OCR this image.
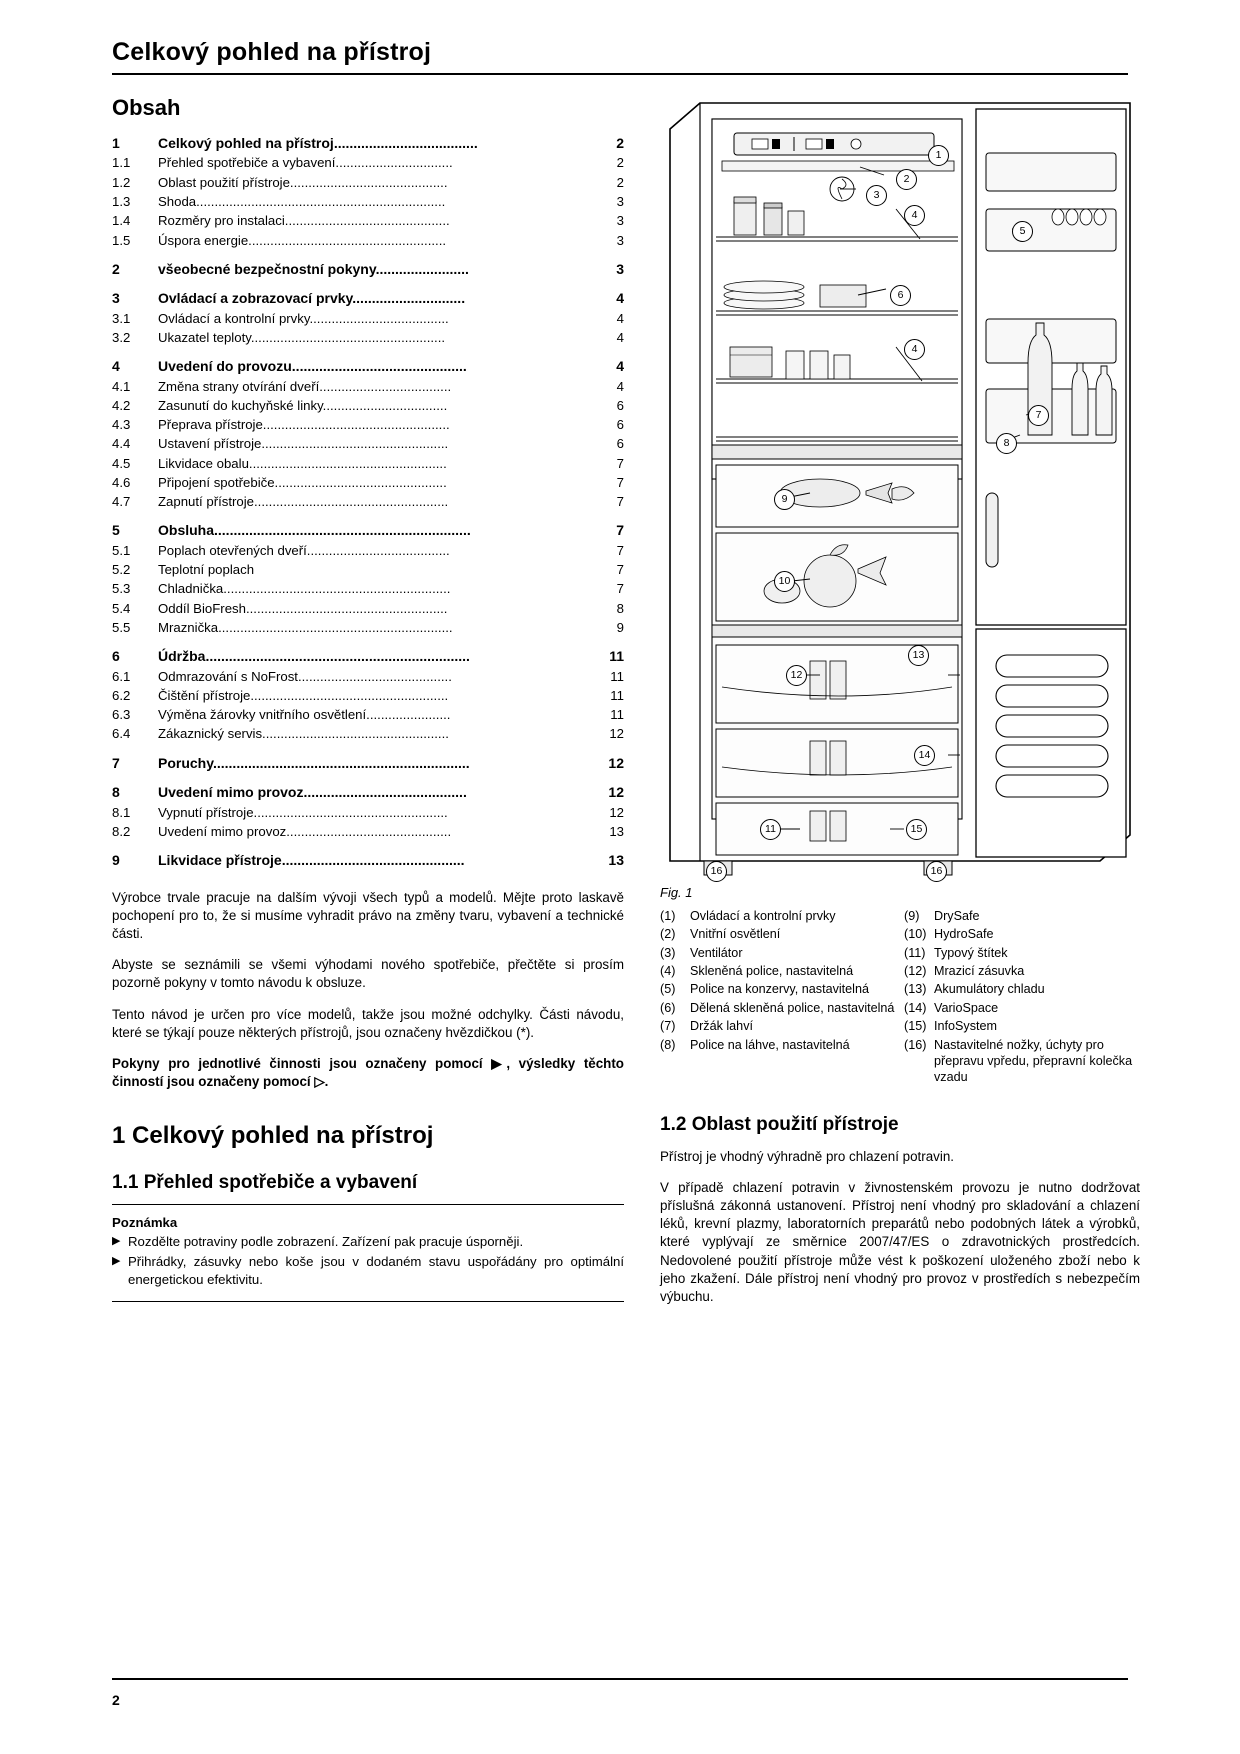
Celkový pohled na přístroj
Obsah
1	Celkový pohled na přístroj.....................................	2
1.1	Přehled spotřebiče a vybavení................................	2
1.2	Oblast použití přístroje...........................................	2
1.3	Shoda....................................................................	3
1.4	Rozměry pro instalaci.............................................	3
1.5	Úspora energie......................................................	3
2	všeobecné bezpečnostní pokyny........................	3
3	Ovládací a zobrazovací prvky.............................	4
3.1	Ovládací a kontrolní prvky......................................	4
3.2	Ukazatel teploty.....................................................	4
4	Uvedení do provozu.............................................	4
4.1	Změna strany otvírání dveří....................................	4
4.2	Zasunutí do kuchyňské linky..................................	6
4.3	Přeprava přístroje...................................................	6
4.4	Ustavení přístroje...................................................	6
4.5	Likvidace obalu......................................................	7
4.6	Připojení spotřebiče...............................................	7
4.7	Zapnutí přístroje.....................................................	7
5	Obsluha..................................................................	7
5.1	Poplach otevřených dveří.......................................	7
5.2	Teplotní poplach	7
5.3	Chladnička..............................................................	7
5.4	Oddíl BioFresh.......................................................	8
5.5	Mraznička................................................................	9
6	Údržba....................................................................	11
6.1	Odmrazování s NoFrost..........................................	11
6.2	Čištění přístroje......................................................	11
6.3	Výměna žárovky vnitřního osvětlení.......................	11
6.4	Zákaznický servis...................................................	12
7	Poruchy..................................................................	12
8	Uvedení mimo provoz..........................................	12
8.1	Vypnutí přístroje.....................................................	12
8.2	Uvedení mimo provoz.............................................	13
9	Likvidace přístroje...............................................	13

Výrobce trvale pracuje na dalším vývoji všech typů a modelů. Mějte proto laskavě pochopení pro to, že si musíme vyhradit právo na změny tvaru, vybavení a technické části.

Abyste se seznámili se všemi výhodami nového spotřebiče, přečtěte si prosím pozorně pokyny v tomto návodu k obsluze.

Tento návod je určen pro více modelů, takže jsou možné odchylky. Části návodu, které se týkají pouze některých přístrojů, jsou označeny hvězdičkou (*).

Pokyny pro jednotlivé činnosti jsou označeny pomocí ▶, výsledky těchto činností jsou označeny pomocí ▷.

1 Celkový pohled na přístroj
1.1 Přehled spotřebiče a vybavení
Poznámka
▶ Rozdělte potraviny podle zobrazení. Zařízení pak pracuje úsporněji.
▶ Přihrádky, zásuvky nebo koše jsou v dodaném stavu uspořádány pro optimální energetickou efektivitu.
1
2
3
4
5
6
4
7
8
9
10
12
13
14
11	15
16	16
Fig. 1
(1)	Ovládací a kontrolní prvky
(2)	Vnitřní osvětlení
(3)	Ventilátor
(4)	Skleněná police, nastavitelná
(5)	Police na konzervy, nastavitelná
(6)	Dělená skleněná police, nastavitelná
(7)	Držák lahví
(8)	Police na láhve, nastavitelná
(9)	DrySafe
(10) HydroSafe
(11) Typový štítek
(12) Mrazicí zásuvka
(13) Akumulátory chladu
(14) VarioSpace
(15) InfoSystem
(16) Nastavitelné nožky, úchyty pro přepravu vpředu, přepravní kolečka vzadu
1.2 Oblast použití přístroje

Přístroj je vhodný výhradně pro chlazení potravin.

V případě chlazení potravin v živnostenském provozu je nutno dodržovat příslušná zákonná ustanovení. Přístroj není vhodný pro skladování a chlazení léků, krevní plazmy, laboratorních preparátů nebo podobných látek a výrobků, které vyplývají ze směrnice 2007/47/ES o zdravotnických prostředcích. Nedovolené použití přístroje může vést k poškození uloženého zboží nebo k jeho zkažení. Dále přístroj není vhodný pro provoz v prostředích s nebezpečím výbuchu.

2
